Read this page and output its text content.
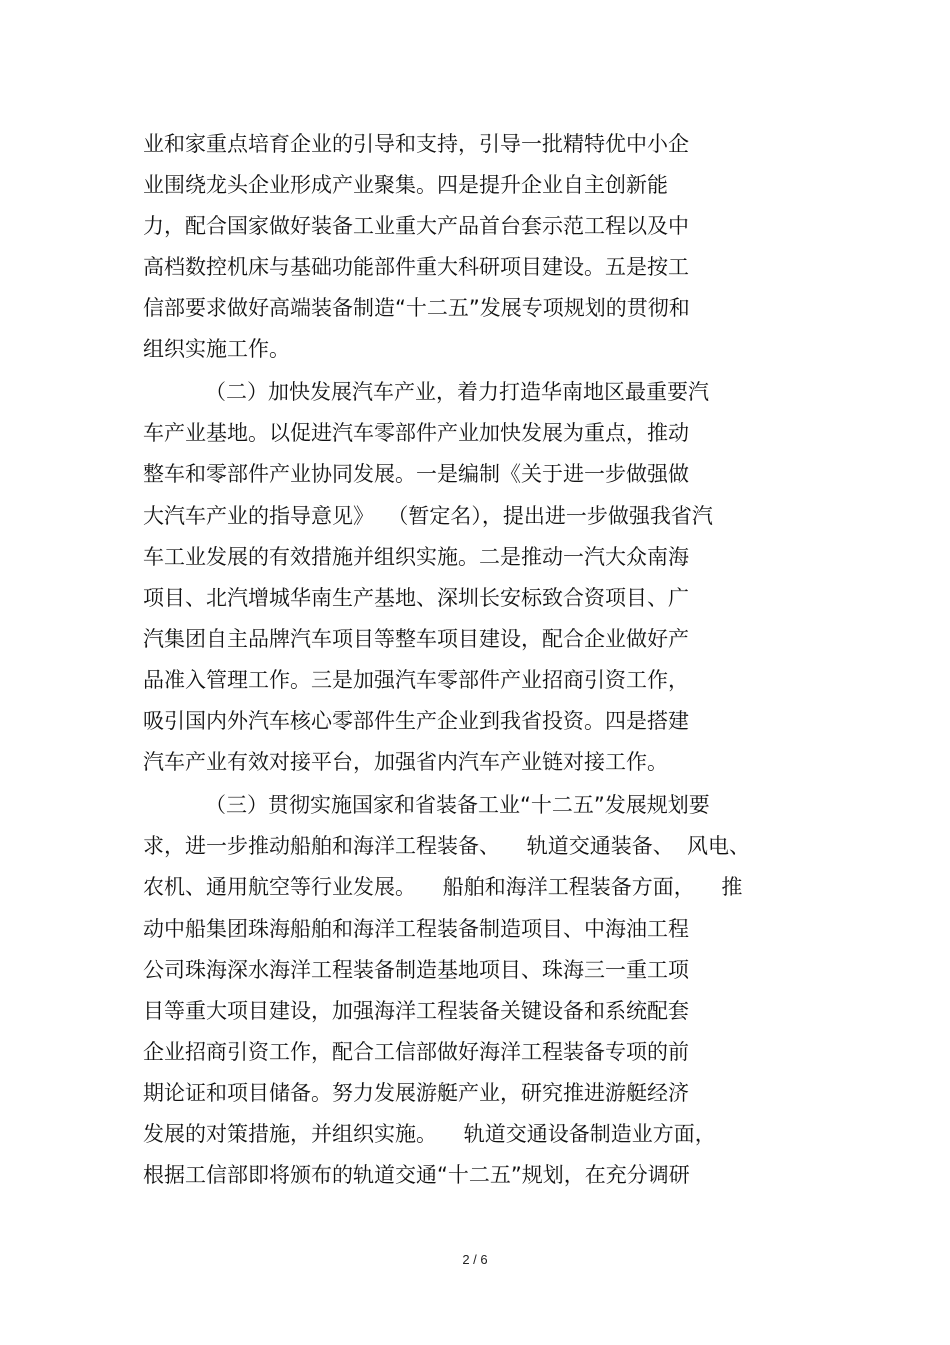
业和家重点培育企业的引导和支持，引导一批精特优中小企
业围绕龙头企业形成产业聚集。四是提升企业自主创新能
力，配合国家做好装备工业重大产品首台套示范工程以及中
高档数控机床与基础功能部件重大科研项目建设。五是按工
信部要求做好高端装备制造“十二五”发展专项规划的贯彻和
组织实施工作。
（二）加快发展汽车产业，着力打造华南地区最重要汽
车产业基地。以促进汽车零部件产业加快发展为重点，推动
整车和零部件产业协同发展。一是编制《关于进一步做强做
大汽车产业的指导意见》  （暂定名），提出进一步做强我省汽
车工业发展的有效措施并组织实施。二是推动一汽大众南海
项目、北汽增城华南生产基地、深圳长安标致合资项目、广
汽集团自主品牌汽车项目等整车项目建设，配合企业做好产
品准入管理工作。三是加强汽车零部件产业招商引资工作，
吸引国内外汽车核心零部件生产企业到我省投资。四是搭建
汽车产业有效对接平台，加强省内汽车产业链对接工作。
（三）贯彻实施国家和省装备工业“十二五”发展规划要
求，进一步推动船舶和海洋工程装备、    轨道交通装备、  风电、
农机、通用航空等行业发展。    船舶和海洋工程装备方面，    推
动中船集团珠海船舶和海洋工程装备制造项目、中海油工程
公司珠海深水海洋工程装备制造基地项目、珠海三一重工项
目等重大项目建设，加强海洋工程装备关键设备和系统配套
企业招商引资工作，配合工信部做好海洋工程装备专项的前
期论证和项目储备。努力发展游艇产业，研究推进游艇经济
发展的对策措施，并组织实施。    轨道交通设备制造业方面，
根据工信部即将颁布的轨道交通“十二五”规划，在充分调研
2 / 6
